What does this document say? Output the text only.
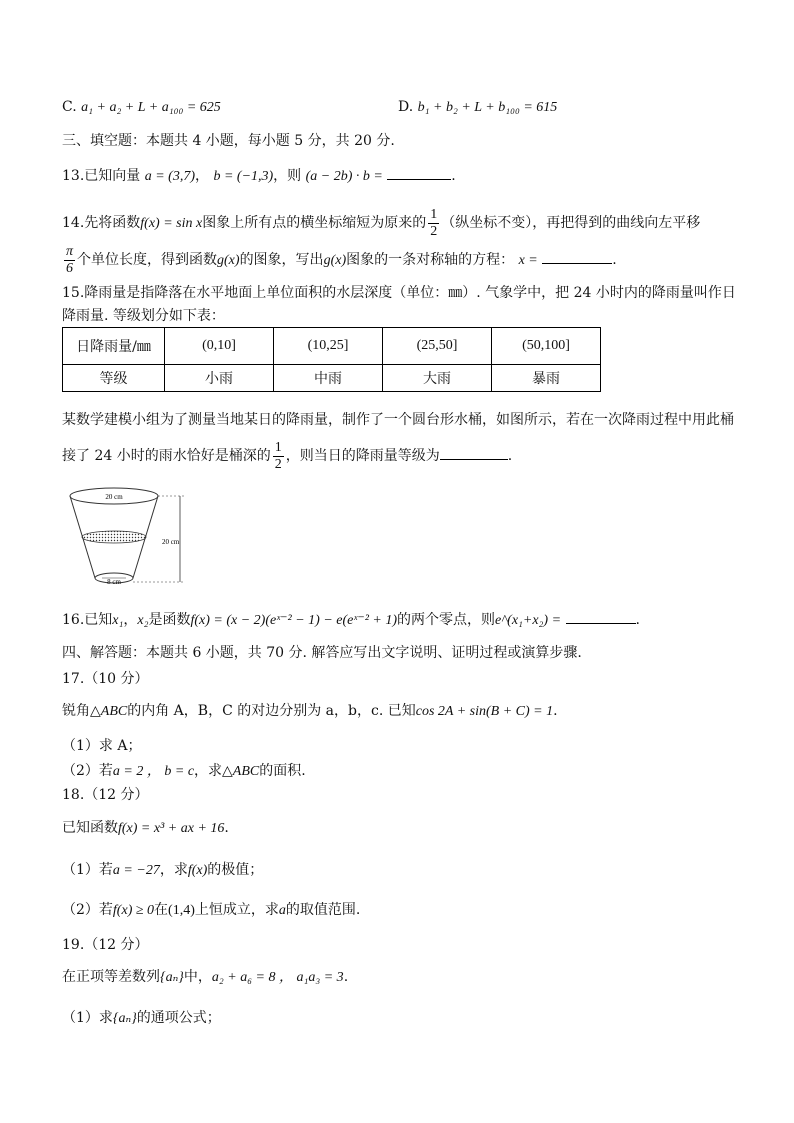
C. a₁ + a₂ + L + a₁₀₀ = 625	D. b₁ + b₂ + L + b₁₀₀ = 615
三、填空题：本题共 4 小题，每小题 5 分，共 20 分.
13.已知向量 a = (3,7)， b = (−1,3)，则 (a − 2b) · b =	.
14.先将函数f(x) = sin x图象上所有点的横坐标缩短为原来的 $\frac{1}{2}$ （纵坐标不变），再把得到的曲线向左平移
$\frac{\pi}{6}$ 个单位长度，得到函数g(x)的图象，写出g(x)图象的一条对称轴的方程： x =	.
15.降雨量是指降落在水平地面上单位面积的水层深度（单位：㎜）. 气象学中，把 24 小时内的降雨量叫作日
降雨量. 等级划分如下表：
日降雨量/㎜	(0,10]	(10,25]	(25,50]	(50,100]
等级	小雨	中雨	大雨	暴雨
某数学建模小组为了测量当地某日的降雨量，制作了一个圆台形水桶，如图所示，若在一次降雨过程中用此桶
接了 24 小时的雨水恰好是桶深的 $\frac{1}{2}$ ，则当日的降雨量等级为	.
20 cm
20 cm
8 cm
16.已知x₁，x₂是函数f(x) = (x − 2)(eˣ⁻² − 1) − e(eˣ⁻² + 1)的两个零点，则e^(x₁+x₂) =	.
四、解答题：本题共 6 小题，共 70 分. 解答应写出文字说明、证明过程或演算步骤.
17.（10 分）
锐角△ABC的内角 A，B，C 的对边分别为 a，b，c. 已知cos 2A + sin(B + C) = 1.
（1）求 A；
（2）若a = 2 ， b = c，求△ABC的面积.
18.（12 分）
已知函数f(x) = x³ + ax + 16.
（1）若a = −27，求f(x)的极值；
（2）若f(x) ≥ 0在(1,4)上恒成立，求a的取值范围.
19.（12 分）
在正项等差数列{aₙ}中，a₂ + a₆ = 8 ， a₁a₃ = 3.
（1）求{aₙ}的通项公式；
